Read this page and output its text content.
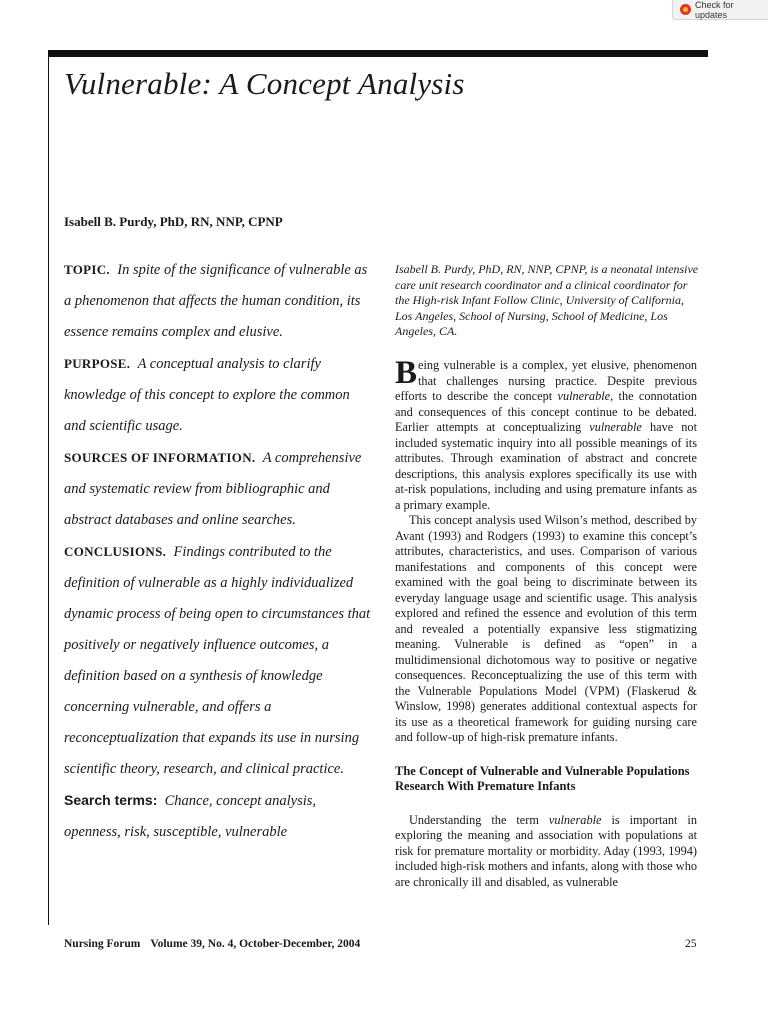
Check for updates
Vulnerable: A Concept Analysis
Isabell B. Purdy, PhD, RN, NNP, CPNP

TOPIC. In spite of the significance of vulnerable as a phenomenon that affects the human condition, its essence remains complex and elusive.

PURPOSE. A conceptual analysis to clarify knowledge of this concept to explore the common and scientific usage.

SOURCES OF INFORMATION. A comprehensive and systematic review from bibliographic and abstract databases and online searches.

CONCLUSIONS. Findings contributed to the definition of vulnerable as a highly individualized dynamic process of being open to circumstances that positively or negatively influence outcomes, a definition based on a synthesis of knowledge concerning vulnerable, and offers a reconceptualization that expands its use in nursing scientific theory, research, and clinical practice.

Search terms: Chance, concept analysis, openness, risk, susceptible, vulnerable

Isabell B. Purdy, PhD, RN, NNP, CPNP, is a neonatal intensive care unit research coordinator and a clinical coordinator for the High-risk Infant Follow Clinic, University of California, Los Angeles, School of Nursing, School of Medicine, Los Angeles, CA.

Being vulnerable is a complex, yet elusive, phenomenon that challenges nursing practice. Despite previous efforts to describe the concept vulnerable, the connotation and consequences of this concept continue to be debated. Earlier attempts at conceptualizing vulnerable have not included systematic inquiry into all possible meanings of its attributes. Through examination of abstract and concrete descriptions, this analysis explores specifically its use with at-risk populations, including and using premature infants as a primary example.

This concept analysis used Wilson’s method, described by Avant (1993) and Rodgers (1993) to examine this concept’s attributes, characteristics, and uses. Comparison of various manifestations and components of this concept were examined with the goal being to discriminate between its everyday language usage and scientific usage. This analysis explored and refined the essence and evolution of this term and revealed a potentially expansive less stigmatizing meaning. Vulnerable is defined as “open” in a multidimensional dichotomous way to positive or negative consequences. Reconceptualizing the use of this term with the Vulnerable Populations Model (VPM) (Flaskerud & Winslow, 1998) generates additional contextual aspects for its use as a theoretical framework for guiding nursing care and follow-up of high-risk premature infants.

The Concept of Vulnerable and Vulnerable Populations Research With Premature Infants

Understanding the term vulnerable is important in exploring the meaning and association with populations at risk for premature mortality or morbidity. Aday (1993, 1994) included high-risk mothers and infants, along with those who are chronically ill and disabled, as vulnerable

Nursing Forum Volume 39, No. 4, October-December, 2004	25
